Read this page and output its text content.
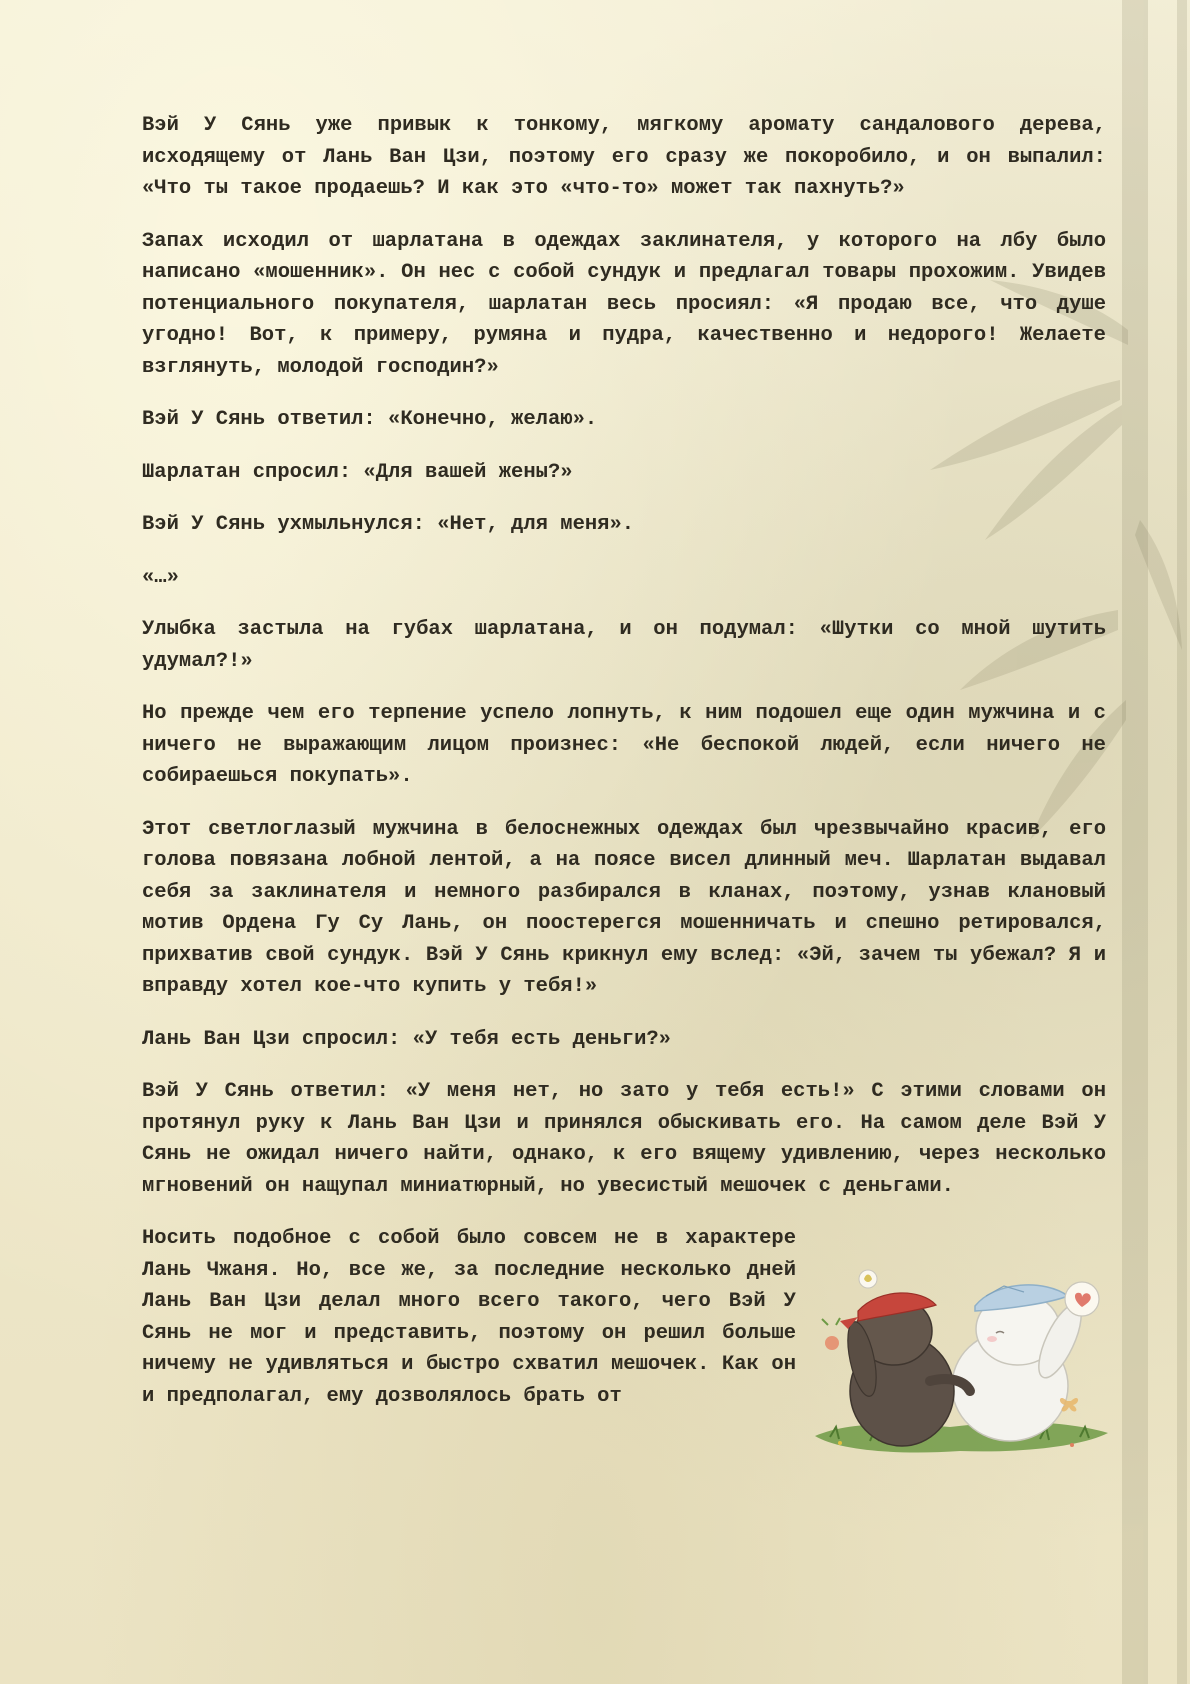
Вэй У Сянь уже привык к тонкому, мягкому аромату сандалового дерева, исходящему от Лань Ван Цзи, поэтому его сразу же покоробило, и он выпалил: «Что ты такое продаешь? И как это «что-то» может так пахнуть?»

Запах исходил от шарлатана в одеждах заклинателя, у которого на лбу было написано «мошенник». Он нес с собой сундук и предлагал товары прохожим. Увидев потенциального покупателя, шарлатан весь просиял: «Я продаю все, что душе угодно! Вот, к примеру, румяна и пудра, качественно и недорого! Желаете взглянуть, молодой господин?»

Вэй У Сянь ответил: «Конечно, желаю».

Шарлатан спросил: «Для вашей жены?»

Вэй У Сянь ухмыльнулся: «Нет, для меня».

«…»

Улыбка застыла на губах шарлатана, и он подумал: «Шутки со мной шутить удумал?!»

Но прежде чем его терпение успело лопнуть, к ним подошел еще один мужчина и с ничего не выражающим лицом произнес: «Не беспокой людей, если ничего не собираешься покупать».

Этот светлоглазый мужчина в белоснежных одеждах был чрезвычайно красив, его голова повязана лобной лентой, а на поясе висел длинный меч. Шарлатан выдавал себя за заклинателя и немного разбирался в кланах, поэтому, узнав клановый мотив Ордена Гу Су Лань, он поостерегся мошенничать и спешно ретировался, прихватив свой сундук. Вэй У Сянь крикнул ему вслед: «Эй, зачем ты убежал? Я и вправду хотел кое-что купить у тебя!»

Лань Ван Цзи спросил: «У тебя есть деньги?»

Вэй У Сянь ответил: «У меня нет, но зато у тебя есть!» С этими словами он протянул руку к Лань Ван Цзи и принялся обыскивать его. На самом деле Вэй У Сянь не ожидал ничего найти, однако, к его вящему удивлению, через несколько мгновений он нащупал миниатюрный, но увесистый мешочек с деньгами.

Носить подобное с собой было совсем не в характере Лань Чжаня. Но, все же, за последние несколько дней Лань Ван Цзи делал много всего такого, чего Вэй У Сянь не мог и представить, поэтому он решил больше ничему не удивляться и быстро схватил мешочек. Как он и предполагал, ему дозволялось брать от
